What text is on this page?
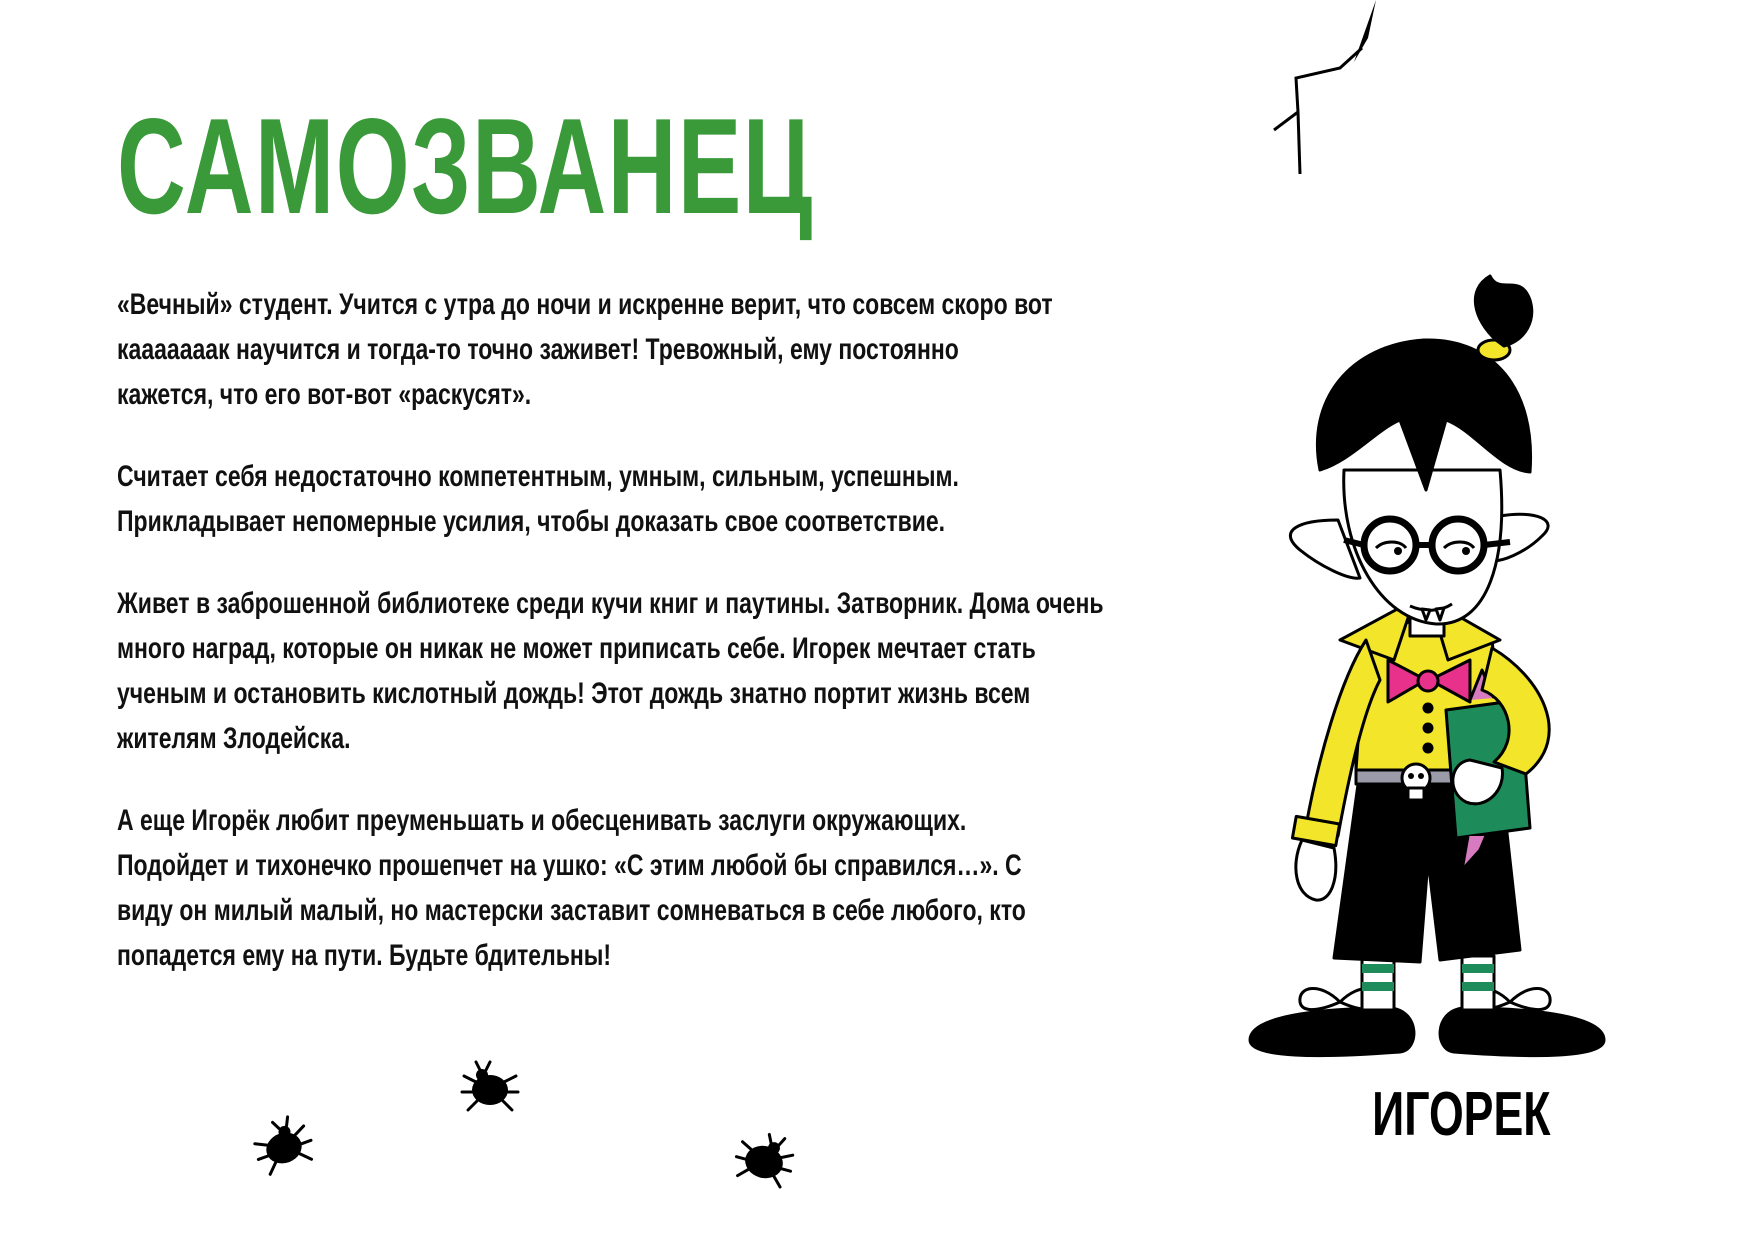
САМОЗВАНЕЦ

«Вечный» студент. Учится с утра до ночи и искренне верит, что совсем скоро вот
кааааааак научится и тогда-то точно заживет! Тревожный, ему постоянно
кажется, что его вот-вот «раскусят».

Считает себя недостаточно компетентным, умным, сильным, успешным.
Прикладывает непомерные усилия, чтобы доказать свое соответствие.

Живет в заброшенной библиотеке среди кучи книг и паутины. Затворник. Дома очень
много наград, которые он никак не может приписать себе. Игорек мечтает стать
ученым и остановить кислотный дождь! Этот дождь знатно портит жизнь всем
жителям Злодейска.

А еще Игорёк любит преуменьшать и обесценивать заслуги окружающих.
Подойдет и тихонечко прошепчет на ушко: «С этим любой бы справился…». С
виду он милый малый, но мастерски заставит сомневаться в себе любого, кто
попадется ему на пути. Будьте бдительны!

ИГОРЕК
